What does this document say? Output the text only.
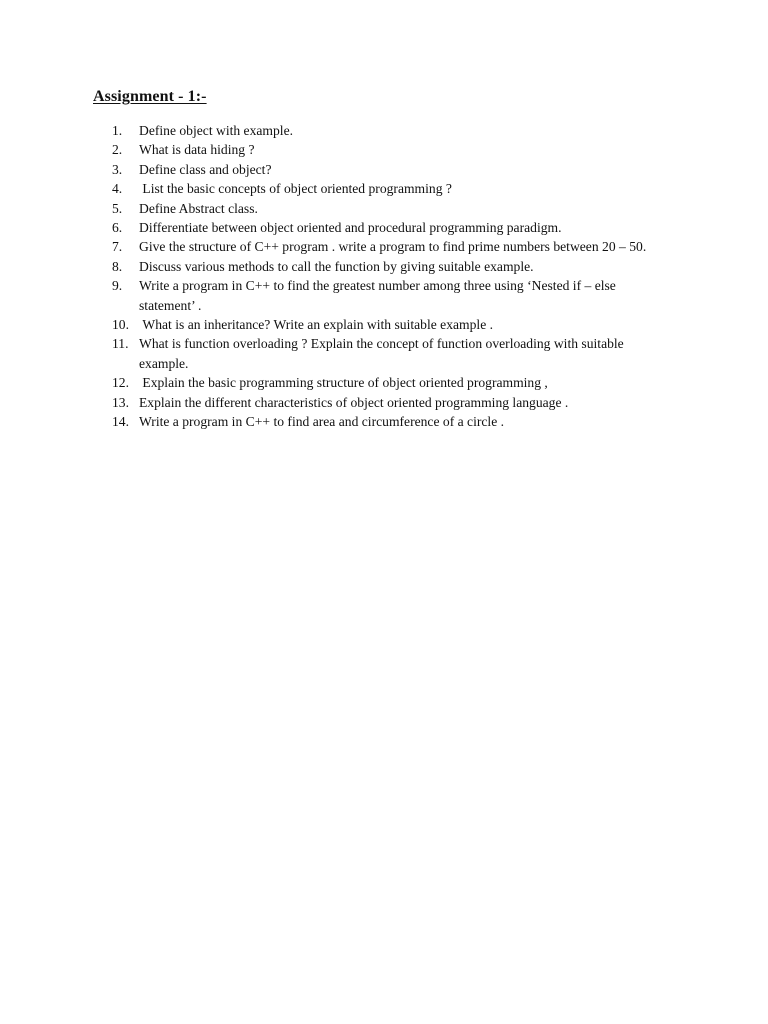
Assignment - 1:-
1.	Define object with example.
2.	What is data hiding ?
3.	Define class and object?
4.	List the basic concepts of object oriented programming ?
5.	Define Abstract class.
6.	Differentiate between object oriented and procedural programming paradigm.
7.	Give the structure of C++ program . write a program to find prime numbers between 20 – 50.
8.	Discuss various methods to call the function by giving suitable example.
9.	Write a program in C++ to find the greatest number among three using ‘Nested if – else statement’ .
10. What is an inheritance? Write an explain with suitable example .
11. What is function overloading ? Explain the concept of function overloading with suitable example.
12. Explain the basic programming structure of object oriented programming ,
13. Explain the different characteristics of object oriented programming language .
14. Write a program in C++ to find area and circumference of a circle .
